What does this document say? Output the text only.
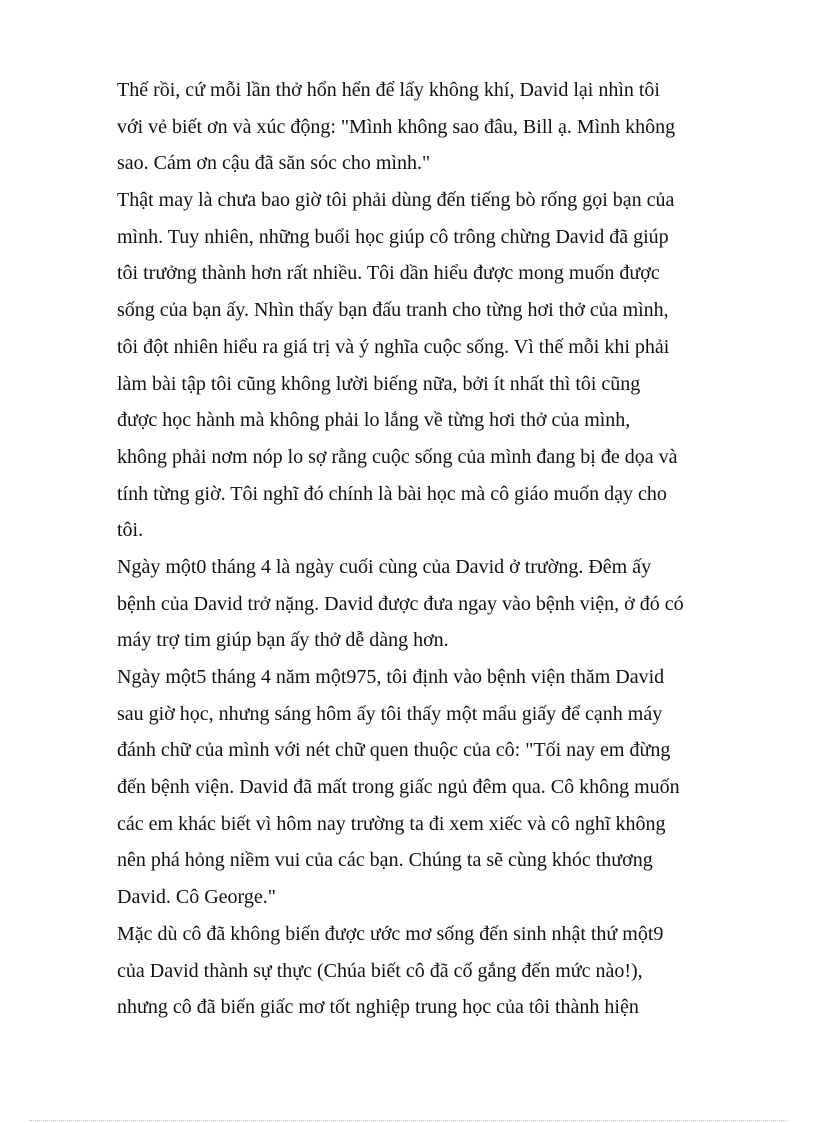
Thế rồi, cứ mỗi lần thở hổn hển để lấy không khí, David lại nhìn tôi
với vẻ biết ơn và xúc động: "Mình không sao đâu, Bill ạ. Mình không
sao. Cám ơn cậu đã săn sóc cho mình."
Thật may là chưa bao giờ tôi phải dùng đến tiếng bò rống gọi bạn của
mình. Tuy nhiên, những buổi học giúp cô trông chừng David đã giúp
tôi trưởng thành hơn rất nhiều. Tôi dần hiểu được mong muốn được
sống của bạn ấy. Nhìn thấy bạn đấu tranh cho từng hơi thở của mình,
tôi đột nhiên hiểu ra giá trị và ý nghĩa cuộc sống. Vì thế mỗi khi phải
làm bài tập tôi cũng không lười biếng nữa, bởi ít nhất thì tôi cũng
được học hành mà không phải lo lắng về từng hơi thở của mình,
không phải nơm nóp lo sợ rằng cuộc sống của mình đang bị đe dọa và
tính từng giờ. Tôi nghĩ đó chính là bài học mà cô giáo muốn dạy cho
tôi.
Ngày một0 tháng 4 là ngày cuối cùng của David ở trường. Đêm ấy
bệnh của David trở nặng. David được đưa ngay vào bệnh viện, ở đó có
máy trợ tim giúp bạn ấy thở dễ dàng hơn.
Ngày một5 tháng 4 năm một975, tôi định vào bệnh viện thăm David
sau giờ học, nhưng sáng hôm ấy tôi thấy một mẩu giấy để cạnh máy
đánh chữ của mình với nét chữ quen thuộc của cô: "Tối nay em đừng
đến bệnh viện. David đã mất trong giấc ngủ đêm qua. Cô không muốn
các em khác biết vì hôm nay trường ta đi xem xiếc và cô nghĩ không
nên phá hỏng niềm vui của các bạn. Chúng ta sẽ cùng khóc thương
David. Cô George."
Mặc dù cô đã không biến được ước mơ sống đến sinh nhật thứ một9
của David thành sự thực (Chúa biết cô đã cố gắng đến mức nào!),
nhưng cô đã biến giấc mơ tốt nghiệp trung học của tôi thành hiện
